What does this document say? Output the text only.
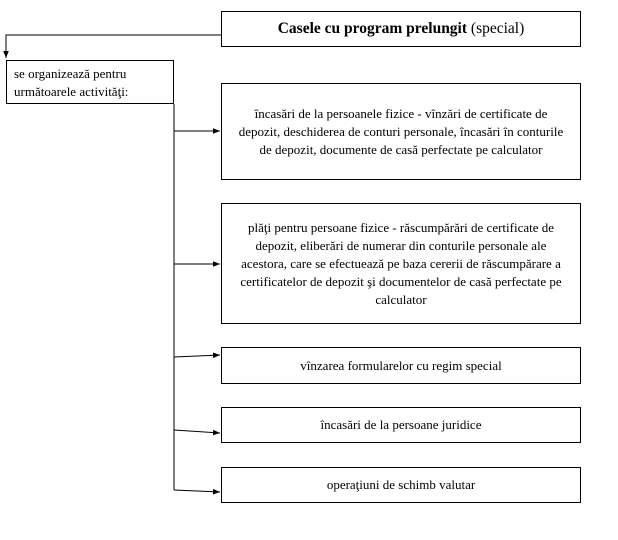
Casele cu program prelungit (special)
se organizează pentru următoarele activităţi:
încasări de la persoanele fizice - vînzări de certificate de depozit, deschiderea de conturi personale, încasări în conturile de depozit, documente de casă perfectate pe calculator
plăţi pentru persoane fizice - răscumpărări de certificate de depozit, eliberări de numerar din conturile personale ale acestora, care se efectuează pe baza cererii de răscumpărare a certificatelor de depozit şi documentelor de casă perfectate pe calculator
vînzarea formularelor cu regim special
încasări de la persoane juridice
operaţiuni de schimb valutar
